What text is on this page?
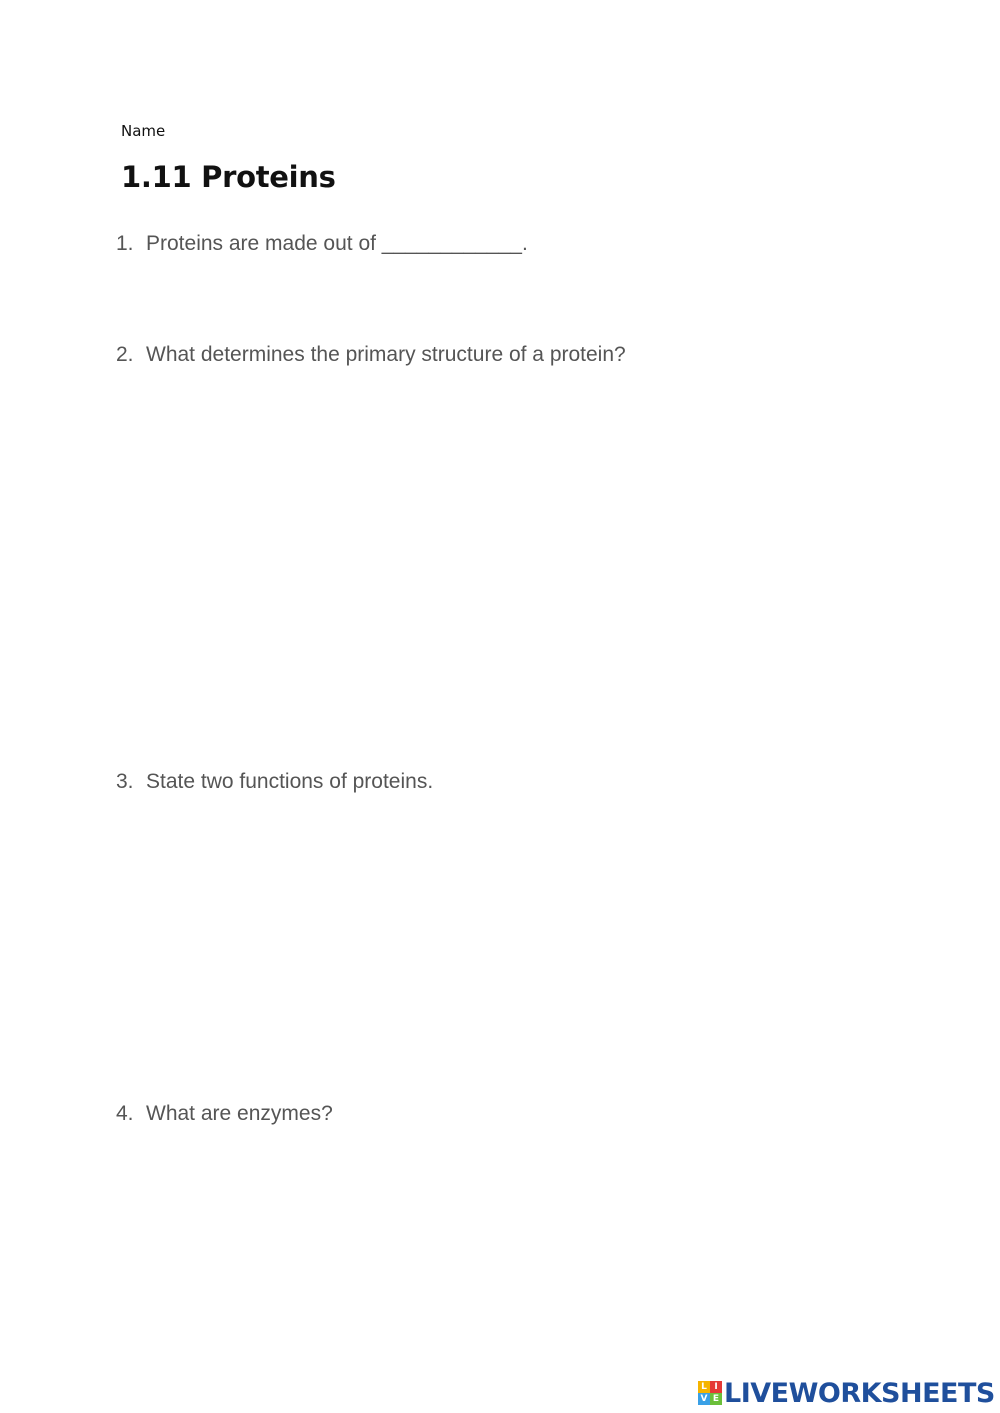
Name
1.11 Proteins
1. Proteins are made out of ____________.
2. What determines the primary structure of a protein?
3. State two functions of proteins.
4. What are enzymes?
L I
V E LIVEWORKSHEETS
